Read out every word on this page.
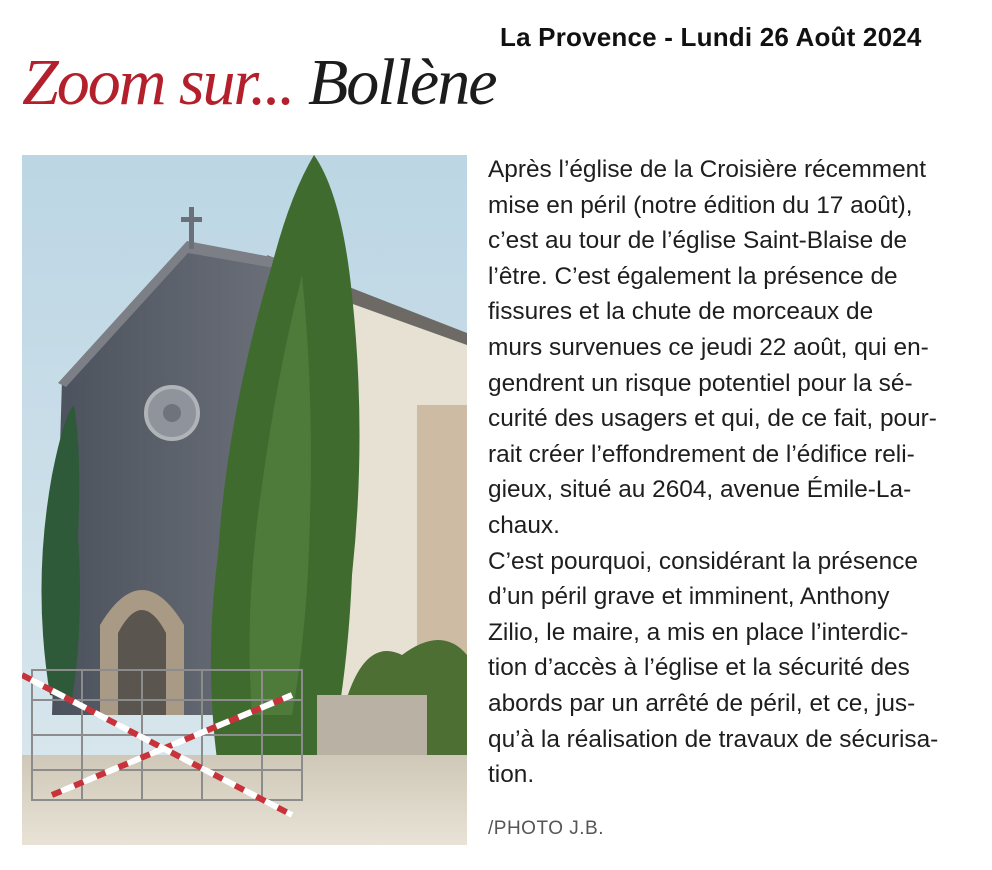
La Provence - Lundi 26 Août 2024
Zoom sur... Bollène
Après l’église de la Croisière récemment
mise en péril (notre édition du 17 août),
c’est au tour de l’église Saint-Blaise de
l’être. C’est également la présence de
fissures et la chute de morceaux de
murs survenues ce jeudi 22 août, qui en-
gendrent un risque potentiel pour la sé-
curité des usagers et qui, de ce fait, pour-
rait créer l’effondrement de l’édifice reli-
gieux, situé au 2604, avenue Émile-La-
chaux.
C’est pourquoi, considérant la présence
d’un péril grave et imminent, Anthony
Zilio, le maire, a mis en place l’interdic-
tion d’accès à l’église et la sécurité des
abords par un arrêté de péril, et ce, jus-
qu’à la réalisation de travaux de sécurisa-
tion.
/PHOTO J.B.
